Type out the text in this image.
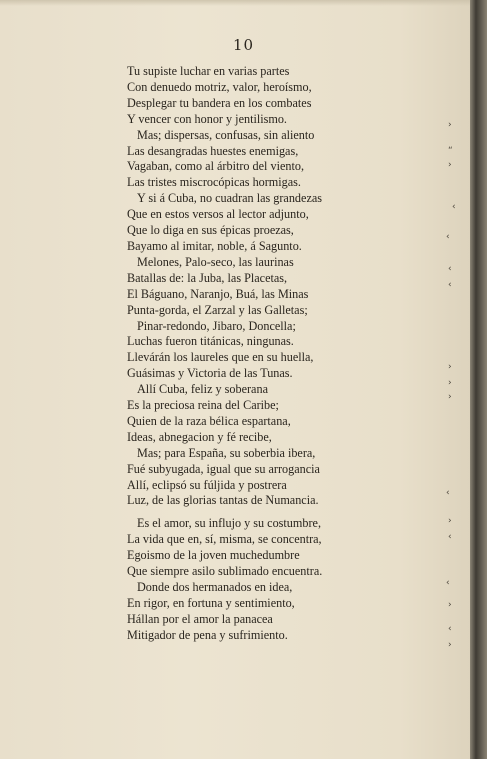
10
Tu supiste luchar en varias partes
Con denuedo motriz, valor, heroísmo,
Desplegar tu bandera en los combates
Y vencer con honor y jentilismo.
Mas; dispersas, confusas, sin aliento
Las desangradas huestes enemigas,
Vagaban, como al árbitro del viento,
Las tristes miscrocópicas hormigas.
Y si á Cuba, no cuadran las grandezas
Que en estos versos al lector adjunto,
Que lo diga en sus épicas proezas,
Bayamo al imitar, noble, á Sagunto.
Melones, Palo-seco, las laurinas
Batallas de: la Juba, las Placetas,
El Báguano, Naranjo, Buá, las Minas
Punta-gorda, el Zarzal y las Galletas;
Pinar-redondo, Jibaro, Doncella;
Luchas fueron titánicas, ningunas.
Llevárán los laureles que en su huella,
Guásimas y Victoria de las Tunas.
Allí Cuba, feliz y soberana
Es la preciosa reina del Caribe;
Quien de la raza bélica espartana,
Ideas, abnegacion y fé recibe,
Mas; para España, su soberbia ibera,
Fué subyugada, igual que su arrogancia
Allí, eclipsó su fúljida y postrera
Luz, de las glorias tantas de Numancia.
Es el amor, su influjo y su costumbre,
La vida que en, sí, misma, se concentra,
Egoismo de la joven muchedumbre
Que siempre asilo sublimado encuentra.
Donde dos hermanados en idea,
En rigor, en fortuna y sentimiento,
Hállan por el amor la panacea
Mitigador de pena y sufrimiento.
›
“
›
‹
‹
‹
‹
›
›
›
‹
›
‹
‹
›
‹
›
